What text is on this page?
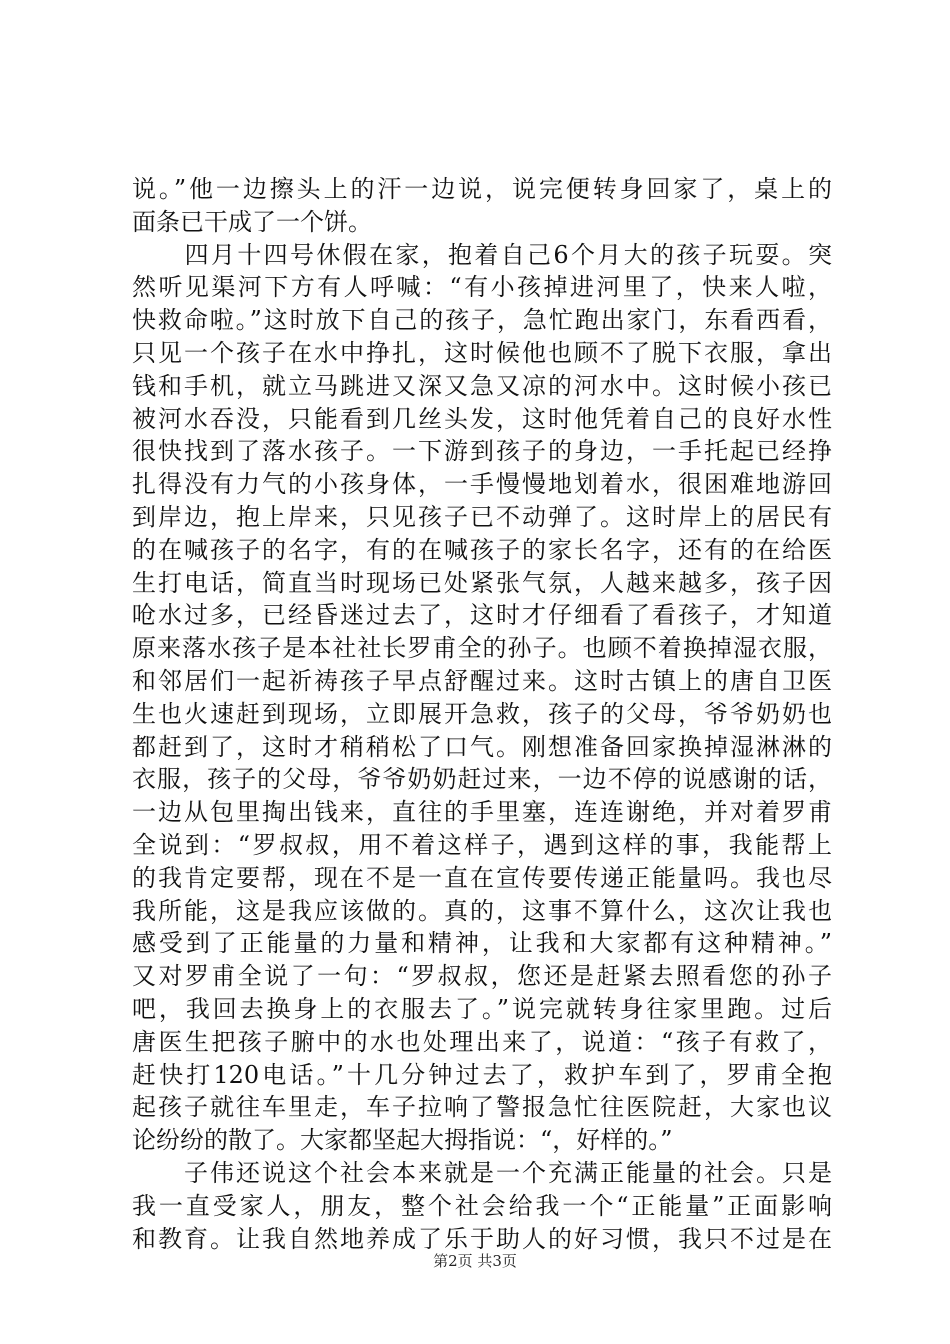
说。”他一边擦头上的汗一边说，说完便转身回家了，桌上的
面条已干成了一个饼。
　　四月十四号休假在家，抱着自己6个月大的孩子玩耍。突
然听见渠河下方有人呼喊：“有小孩掉进河里了，快来人啦，
快救命啦。”这时放下自己的孩子，急忙跑出家门，东看西看，
只见一个孩子在水中挣扎，这时候他也顾不了脱下衣服，拿出
钱和手机，就立马跳进又深又急又凉的河水中。这时候小孩已
被河水吞没，只能看到几丝头发，这时他凭着自己的良好水性
很快找到了落水孩子。一下游到孩子的身边，一手托起已经挣
扎得没有力气的小孩身体，一手慢慢地划着水，很困难地游回
到岸边，抱上岸来，只见孩子已不动弹了。这时岸上的居民有
的在喊孩子的名字，有的在喊孩子的家长名字，还有的在给医
生打电话，简直当时现场已处紧张气氛，人越来越多，孩子因
呛水过多，已经昏迷过去了，这时才仔细看了看孩子，才知道
原来落水孩子是本社社长罗甫全的孙子。也顾不着换掉湿衣服，
和邻居们一起祈祷孩子早点舒醒过来。这时古镇上的唐自卫医
生也火速赶到现场，立即展开急救，孩子的父母，爷爷奶奶也
都赶到了，这时才稍稍松了口气。刚想准备回家换掉湿淋淋的
衣服，孩子的父母，爷爷奶奶赶过来，一边不停的说感谢的话，
一边从包里掏出钱来，直往的手里塞，连连谢绝，并对着罗甫
全说到：“罗叔叔，用不着这样子，遇到这样的事，我能帮上
的我肯定要帮，现在不是一直在宣传要传递正能量吗。我也尽
我所能，这是我应该做的。真的，这事不算什么，这次让我也
感受到了正能量的力量和精神，让我和大家都有这种精神。”
又对罗甫全说了一句：“罗叔叔，您还是赶紧去照看您的孙子
吧，我回去换身上的衣服去了。”说完就转身往家里跑。过后
唐医生把孩子腑中的水也处理出来了，说道：“孩子有救了，
赶快打120电话。”十几分钟过去了，救护车到了，罗甫全抱
起孩子就往车里走，车子拉响了警报急忙往医院赶，大家也议
论纷纷的散了。大家都坚起大拇指说：“，好样的。”
　　子伟还说这个社会本来就是一个充满正能量的社会。只是
我一直受家人，朋友，整个社会给我一个“正能量”正面影响
和教育。让我自然地养成了乐于助人的好习惯，我只不过是在
第2页 共3页
